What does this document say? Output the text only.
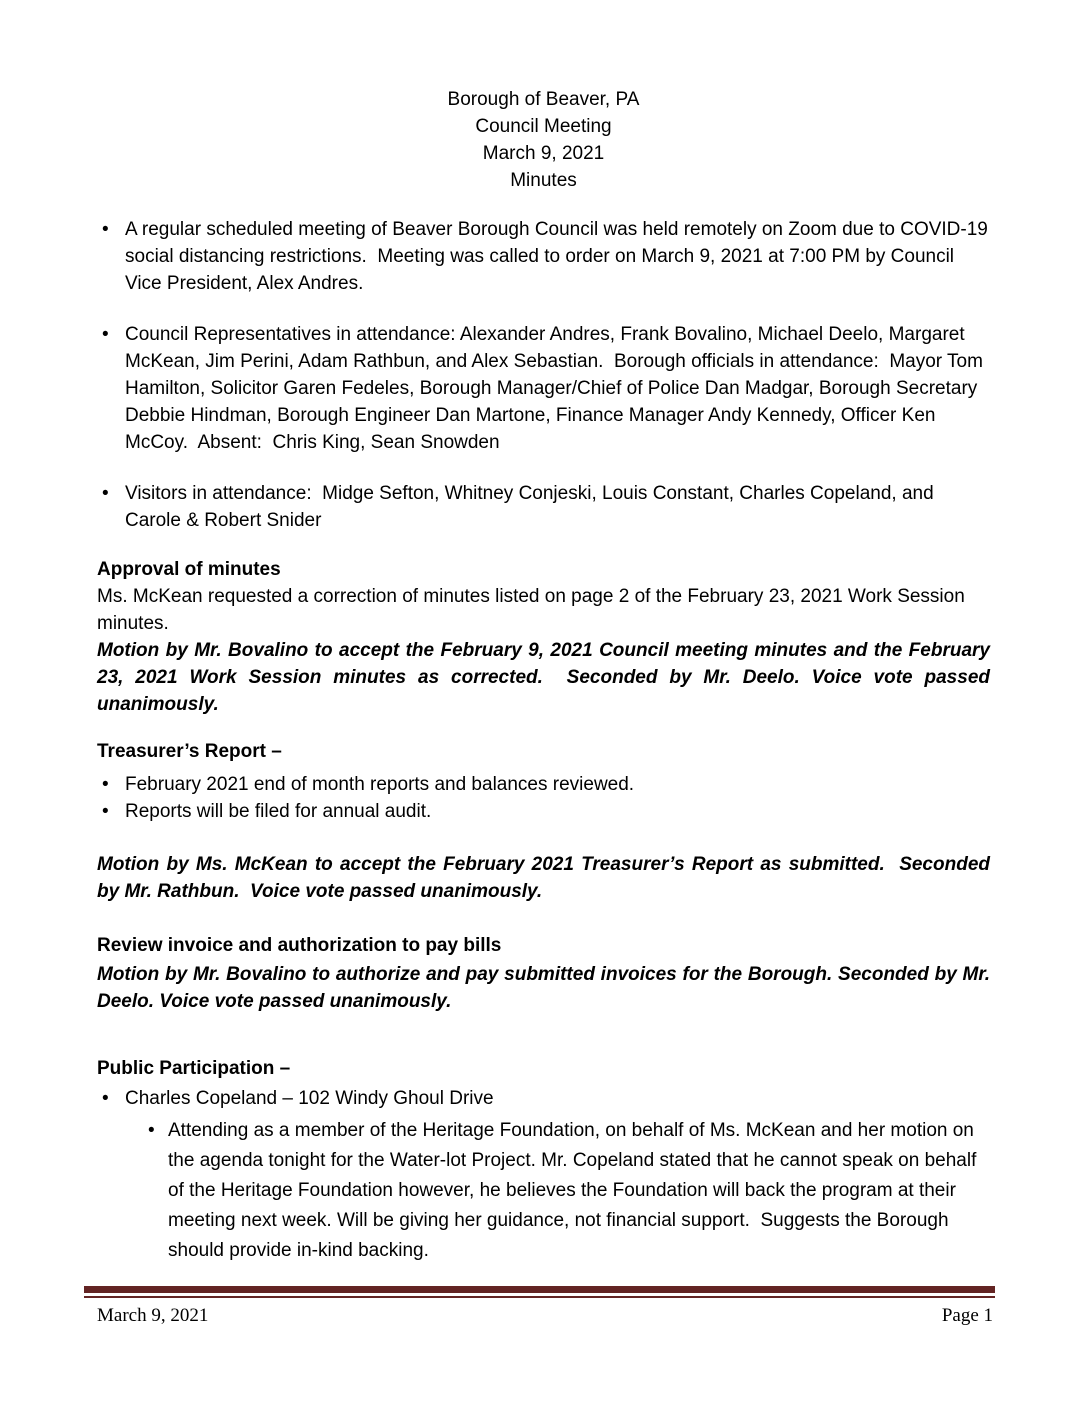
Borough of Beaver, PA
Council Meeting
March 9, 2021
Minutes
•
A regular scheduled meeting of Beaver Borough Council was held remotely on Zoom due to COVID-19 social distancing restrictions.  Meeting was called to order on March 9, 2021 at 7:00 PM by Council Vice President, Alex Andres.
•
Council Representatives in attendance: Alexander Andres, Frank Bovalino, Michael Deelo, Margaret McKean, Jim Perini, Adam Rathbun, and Alex Sebastian.  Borough officials in attendance:  Mayor Tom Hamilton, Solicitor Garen Fedeles, Borough Manager/Chief of Police Dan Madgar, Borough Secretary Debbie Hindman, Borough Engineer Dan Martone, Finance Manager Andy Kennedy, Officer Ken McCoy.  Absent:  Chris King, Sean Snowden
•
Visitors in attendance:  Midge Sefton, Whitney Conjeski, Louis Constant, Charles Copeland, and Carole & Robert Snider
Approval of minutes
Ms. McKean requested a correction of minutes listed on page 2 of the February 23, 2021 Work Session minutes.
Motion by Mr. Bovalino to accept the February 9, 2021 Council meeting minutes and the February 23, 2021 Work Session minutes as corrected.  Seconded by Mr. Deelo. Voice vote passed unanimously.
Treasurer’s Report –
•
February 2021 end of month reports and balances reviewed.
•
Reports will be filed for annual audit.
Motion by Ms. McKean to accept the February 2021 Treasurer’s Report as submitted.  Seconded by Mr. Rathbun.  Voice vote passed unanimously.
Review invoice and authorization to pay bills
Motion by Mr. Bovalino to authorize and pay submitted invoices for the Borough. Seconded by Mr. Deelo. Voice vote passed unanimously.
Public Participation –
•
Charles Copeland – 102 Windy Ghoul Drive
•
Attending as a member of the Heritage Foundation, on behalf of Ms. McKean and her motion on the agenda tonight for the Water-lot Project. Mr. Copeland stated that he cannot speak on behalf of the Heritage Foundation however, he believes the Foundation will back the program at their meeting next week. Will be giving her guidance, not financial support.  Suggests the Borough should provide in-kind backing.
March 9, 2021	Page 1
